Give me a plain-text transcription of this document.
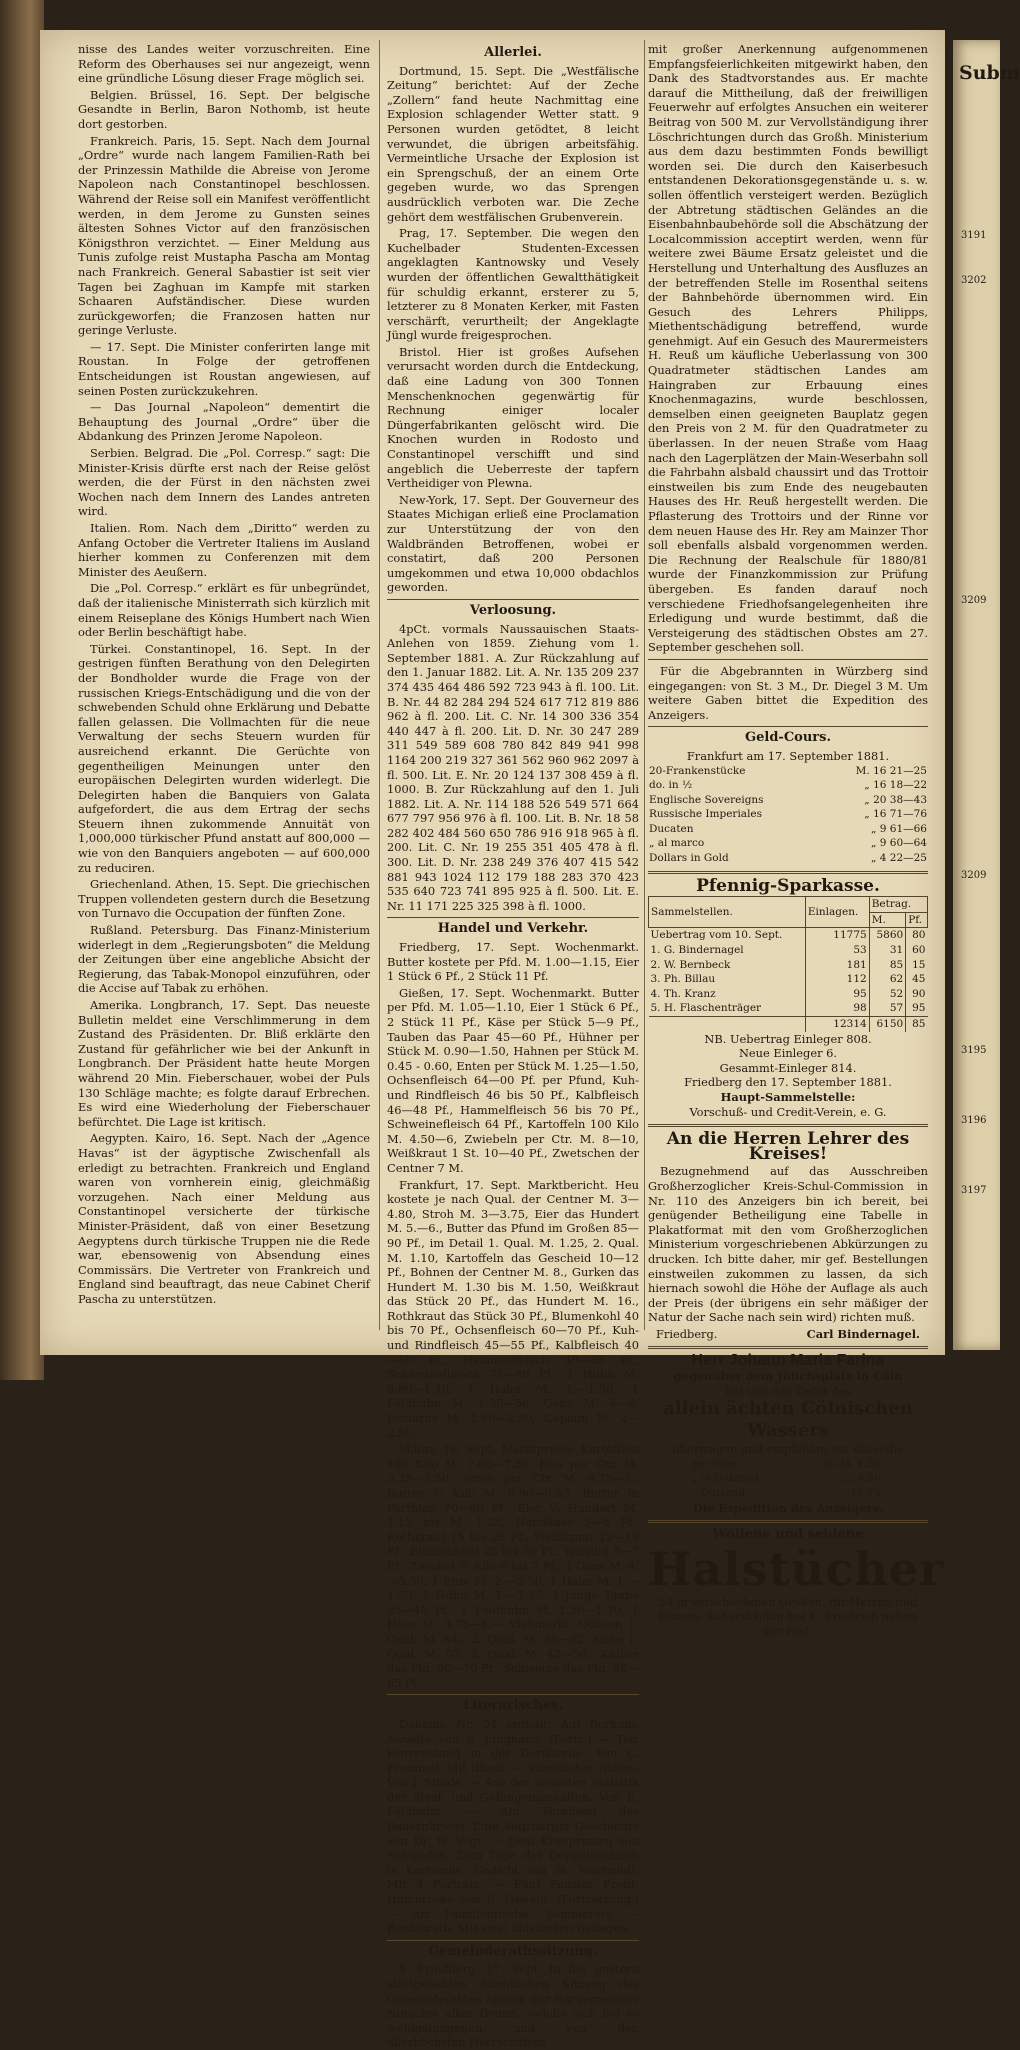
nisse des Landes weiter vorzuschreiten. Eine Reform des Oberhauses sei nur angezeigt, wenn eine gründliche Lösung dieser Frage möglich sei.

Belgien. Brüssel, 16. Sept. Der belgische Gesandte in Berlin, Baron Nothomb, ist heute dort gestorben.

Frankreich. Paris, 15. Sept. Nach dem Journal „Ordre“ wurde nach langem Familien-Rath bei der Prinzessin Mathilde die Abreise von Jerome Napoleon nach Constantinopel beschlossen. Während der Reise soll ein Manifest veröffentlicht werden, in dem Jerome zu Gunsten seines ältesten Sohnes Victor auf den französischen Königsthron verzichtet. — Einer Meldung aus Tunis zufolge reist Mustapha Pascha am Montag nach Frankreich. General Sabastier ist seit vier Tagen bei Zaghuan im Kampfe mit starken Schaaren Aufständischer. Diese wurden zurückgeworfen; die Franzosen hatten nur geringe Verluste.

— 17. Sept. Die Minister conferirten lange mit Roustan. In Folge der getroffenen Entscheidungen ist Roustan angewiesen, auf seinen Posten zurückzukehren.

— Das Journal „Napoleon“ dementirt die Behauptung des Journal „Ordre“ über die Abdankung des Prinzen Jerome Napoleon.

Serbien. Belgrad. Die „Pol. Corresp.“ sagt: Die Minister-Krisis dürfte erst nach der Reise gelöst werden, die der Fürst in den nächsten zwei Wochen nach dem Innern des Landes antreten wird.

Italien. Rom. Nach dem „Diritto“ werden zu Anfang October die Vertreter Italiens im Ausland hierher kommen zu Conferenzen mit dem Minister des Aeußern.

Die „Pol. Corresp.“ erklärt es für unbegründet, daß der italienische Ministerrath sich kürzlich mit einem Reiseplane des Königs Humbert nach Wien oder Berlin beschäftigt habe.

Türkei. Constantinopel, 16. Sept. In der gestrigen fünften Berathung von den Delegirten der Bondholder wurde die Frage von der russischen Kriegs-Entschädigung und die von der schwebenden Schuld ohne Erklärung und Debatte fallen gelassen. Die Vollmachten für die neue Verwaltung der sechs Steuern wurden für ausreichend erkannt. Die Gerüchte von gegentheiligen Meinungen unter den europäischen Delegirten wurden widerlegt. Die Delegirten haben die Banquiers von Galata aufgefordert, die aus dem Ertrag der sechs Steuern ihnen zukommende Annuität von 1,000,000 türkischer Pfund anstatt auf 800,000 — wie von den Banquiers angeboten — auf 600,000 zu reduciren.

Griechenland. Athen, 15. Sept. Die griechischen Truppen vollendeten gestern durch die Besetzung von Turnavo die Occupation der fünften Zone.

Rußland. Petersburg. Das Finanz-Ministerium widerlegt in dem „Regierungsboten“ die Meldung der Zeitungen über eine angebliche Absicht der Regierung, das Tabak-Monopol einzuführen, oder die Accise auf Tabak zu erhöhen.

Amerika. Longbranch, 17. Sept. Das neueste Bulletin meldet eine Verschlimmerung in dem Zustand des Präsidenten. Dr. Bliß erklärte den Zustand für gefährlicher wie bei der Ankunft in Longbranch. Der Präsident hatte heute Morgen während 20 Min. Fieberschauer, wobei der Puls 130 Schläge machte; es folgte darauf Erbrechen. Es wird eine Wiederholung der Fieberschauer befürchtet. Die Lage ist kritisch.

Aegypten. Kairo, 16. Sept. Nach der „Agence Havas“ ist der ägyptische Zwischenfall als erledigt zu betrachten. Frankreich und England waren von vornherein einig, gleichmäßig vorzugehen. Nach einer Meldung aus Constantinopel versicherte der türkische Minister-Präsident, daß von einer Besetzung Aegyptens durch türkische Truppen nie die Rede war, ebensowenig von Absendung eines Commissärs. Die Vertreter von Frankreich und England sind beauftragt, das neue Cabinet Cherif Pascha zu unterstützen.

Allerlei.

Dortmund, 15. Sept. Die „Westfälische Zeitung“ berichtet: Auf der Zeche „Zollern“ fand heute Nachmittag eine Explosion schlagender Wetter statt. 9 Personen wurden getödtet, 8 leicht verwundet, die übrigen arbeitsfähig. Vermeintliche Ursache der Explosion ist ein Sprengschuß, der an einem Orte gegeben wurde, wo das Sprengen ausdrücklich verboten war. Die Zeche gehört dem westfälischen Grubenverein.

Prag, 17. September. Die wegen den Kuchelbader Studenten-Excessen angeklagten Kantnowsky und Vesely wurden der öffentlichen Gewaltthätigkeit für schuldig erkannt, ersterer zu 5, letzterer zu 8 Monaten Kerker, mit Fasten verschärft, verurtheilt; der Angeklagte Jüngl wurde freigesprochen.

Bristol. Hier ist großes Aufsehen verursacht worden durch die Entdeckung, daß eine Ladung von 300 Tonnen Menschenknochen gegenwärtig für Rechnung einiger localer Düngerfabrikanten gelöscht wird. Die Knochen wurden in Rodosto und Constantinopel verschifft und sind angeblich die Ueberreste der tapfern Vertheidiger von Plewna.

New-York, 17. Sept. Der Gouverneur des Staates Michigan erließ eine Proclamation zur Unterstützung der von den Waldbränden Betroffenen, wobei er constatirt, daß 200 Personen umgekommen und etwa 10,000 obdachlos geworden.

Verloosung.

4pCt. vormals Naussauischen Staats-Anlehen von 1859. Ziehung vom 1. September 1881. A. Zur Rückzahlung auf den 1. Januar 1882. Lit. A. Nr. 135 209 237 374 435 464 486 592 723 943 à fl. 100. Lit. B. Nr. 44 82 284 294 524 617 712 819 886 962 à fl. 200. Lit. C. Nr. 14 300 336 354 440 447 à fl. 200. Lit. D. Nr. 30 247 289 311 549 589 608 780 842 849 941 998 1164 200 219 327 361 562 960 962 2097 à fl. 500. Lit. E. Nr. 20 124 137 308 459 à fl. 1000. B. Zur Rückzahlung auf den 1. Juli 1882. Lit. A. Nr. 114 188 526 549 571 664 677 797 956 976 à fl. 100. Lit. B. Nr. 18 58 282 402 484 560 650 786 916 918 965 à fl. 200. Lit. C. Nr. 19 255 351 405 478 à fl. 300. Lit. D. Nr. 238 249 376 407 415 542 881 943 1024 112 179 188 283 370 423 535 640 723 741 895 925 à fl. 500. Lit. E. Nr. 11 171 225 325 398 à fl. 1000.

Handel und Verkehr.

Friedberg, 17. Sept. Wochenmarkt. Butter kostete per Pfd. M. 1.00—1.15, Eier 1 Stück 6 Pf., 2 Stück 11 Pf.

Gießen, 17. Sept. Wochenmarkt. Butter per Pfd. M. 1.05—1.10, Eier 1 Stück 6 Pf., 2 Stück 11 Pf., Käse per Stück 5—9 Pf., Tauben das Paar 45—60 Pf., Hühner per Stück M. 0.90—1.50, Hahnen per Stück M. 0.45 - 0.60, Enten per Stück M. 1.25—1.50, Ochsenfleisch 64—00 Pf. per Pfund, Kuh- und Rindfleisch 46 bis 50 Pf., Kalbfleisch 46—48 Pf., Hammelfleisch 56 bis 70 Pf., Schweinefleisch 64 Pf., Kartoffeln 100 Kilo M. 4.50—6, Zwiebeln per Ctr. M. 8—10, Weißkraut 1 St. 10—40 Pf., Zwetschen der Centner 7 M.

Frankfurt, 17. Sept. Marktbericht. Heu kostete je nach Qual. der Centner M. 3—4.80, Stroh M. 3—3.75, Eier das Hundert M. 5.—6., Butter das Pfund im Großen 85—90 Pf., im Detail 1. Qual. M. 1.25, 2. Qual. M. 1.10, Kartoffeln das Gescheid 10—12 Pf., Bohnen der Centner M. 8., Gurken das Hundert M. 1.30 bis M. 1.50, Weißkraut das Stück 20 Pf., das Hundert M. 16., Rothkraut das Stück 30 Pf., Blumenkohl 40 bis 70 Pf., Ochsenfleisch 60—70 Pf., Kuh- und Rindfleisch 45—55 Pf., Kalbfleisch 40—60 Pf., Hammelfleisch 40—65 Pf., Schweinefleisch 75—80 Pf., 1 Huhn M. 0.80—1.40, 1 Hahn M. 1.—1.50, 1 Feldhuhn M. 1.30—50, Gans M. 4—8, Poularde M. 1.80—2.30, Capaun M. 2—2.50.

Mainz, 16. Sept. Marktpreise. Kartoffeln 100 Kilo M. 7.00—7.50, Heu per Ctr. M. 3.25—3.50, Stroh per Ctr. M. 4.75—5., Butter ½ Kilo M. 0.90—0.95, Butter in Parthien 70—80 Pf., Eier ¼ Hundert M. 1.15 bis M. 1.25, Handkäse 5—8 Pf., Rothkraut 15 bis 25 Pf., Weißkraut 12—15 Pf., Blumenkohl 25 bis 30 Pf., Wirsing 5—7 Pf., Zwiebel ½ Kilo 6 bis 7 Pf., 1 Gans M. 4.—5.50, 1 Ente M. 2.—2.50, 1 Hahn M. 1.—1.50, 1 Huhn M. 1.—1.25, 1 junge Taube 35—40 Pf., 1 Feldhuhn M. 1.30—1.70, 1 Hase M. 3.75—4.— Viehmarkt. Ochsen 1. Qual. M. 64., 2. Qual. M. 58—62, Kühe 1. Qual. M. 57, 2. Qual. M. 42—50., Kälber das Pfd. 50—70 Pf., Schweine das Pfd. 58—65 Pf.

Literarisches.

Daheim. Nr. 51 enthält: Auf Borkum. Novelle von S. Junghans. (Forts.) — Der Herrenstand in der Dorfkirche. Von C. Frommel. Mit Illustr. — Künstlicher Indigo. Von J. Stinde. — Aus der neuesten Statistik der Straf- und Gefangenanstalten. Von K. Feldhahn. — Am Vorabend des Bauernkriegs. Eine Augsburger Geschichte von Dr. W. Vogt. — Dem Kronprinzen von Schweden. Zum Tage der Doppelhochzeit in Karlsruhe. Gedicht von St. Waetzoldt. Mit 4 Porträts. — Fünf Fenster Front. Humoreske von S. Oswald. (Fortsetzung.) — Am Familientische: Sommereis. — Rechtsrath. Mit zwei illustrirten Beilagen.

Gemeinderathssitzung.

S. Friedberg, 17. Sept. In der gestern stattgehabten öffentlichen Sitzung des Gemeinderathes sprach der Bürgermeister zunächst allen Denen, welche sich bei so wohlgelungenen und von den allerhöchsten Herrschaften

mit großer Anerkennung aufgenommenen Empfangsfeierlichkeiten mitgewirkt haben, den Dank des Stadtvorstandes aus. Er machte darauf die Mittheilung, daß der freiwilligen Feuerwehr auf erfolgtes Ansuchen ein weiterer Beitrag von 500 M. zur Vervollständigung ihrer Löschrichtungen durch das Großh. Ministerium aus dem dazu bestimmten Fonds bewilligt worden sei. Die durch den Kaiserbesuch entstandenen Dekorationsgegenstände u. s. w. sollen öffentlich versteigert werden. Bezüglich der Abtretung städtischen Geländes an die Eisenbahnbaubehörde soll die Abschätzung der Localcommission acceptirt werden, wenn für weitere zwei Bäume Ersatz geleistet und die Herstellung und Unterhaltung des Ausfluzes an der betreffenden Stelle im Rosenthal seitens der Bahnbehörde übernommen wird. Ein Gesuch des Lehrers Philipps, Miethentschädigung betreffend, wurde genehmigt. Auf ein Gesuch des Maurermeisters H. Reuß um käufliche Ueberlassung von 300 Quadratmeter städtischen Landes am Haingraben zur Erbauung eines Knochenmagazins, wurde beschlossen, demselben einen geeigneten Bauplatz gegen den Preis von 2 M. für den Quadratmeter zu überlassen. In der neuen Straße vom Haag nach den Lagerplätzen der Main-Weserbahn soll die Fahrbahn alsbald chaussirt und das Trottoir einstweilen bis zum Ende des neugebauten Hauses des Hr. Reuß hergestellt werden. Die Pflasterung des Trottoirs und der Rinne vor dem neuen Hause des Hr. Rey am Mainzer Thor soll ebenfalls alsbald vorgenommen werden. Die Rechnung der Realschule für 1880/81 wurde der Finanzkommission zur Prüfung übergeben. Es fanden darauf noch verschiedene Friedhofsangelegenheiten ihre Erledigung und wurde bestimmt, daß die Versteigerung des städtischen Obstes am 27. September geschehen soll.

Für die Abgebrannten in Würzberg sind eingegangen: von St. 3 M., Dr. Diegel 3 M. Um weitere Gaben bittet die Expedition des Anzeigers.

Geld-Cours.
Frankfurt am 17. September 1881.
20-Frankenstücke	M. 16 21—25
do. in ½	„ 16 18—22
Englische Sovereigns	„ 20 38—43
Russische Imperiales	„ 16 71—76
Ducaten	„ 9 61—66
„ al marco	„ 9 60—64
Dollars in Gold	„ 4 22—25
Pfennig-Sparkasse.
Sammelstellen.	Einlagen.	Betrag.	
		M.	Pf.
Uebertrag vom 10. Sept.	11775	5860	80
1. G. Bindernagel	53	31	60
2. W. Bernbeck	181	85	15
3. Ph. Billau	112	62	45
4. Th. Kranz	95	52	90
5. H. Flaschenträger	98	57	95
	12314	6150	85
NB. Uebertrag Einleger 808.
Neue Einleger 6.
Gesammt-Einleger 814.
Friedberg den 17. September 1881.
Haupt-Sammelstelle:
Vorschuß- und Credit-Verein, e. G.
An die Herren Lehrer des Kreises!

Bezugnehmend auf das Ausschreiben Großherzoglicher Kreis-Schul-Commission in Nr. 110 des Anzeigers bin ich bereit, bei genügender Betheiligung eine Tabelle in Plakatformat mit den vom Großherzoglichen Ministerium vorgeschriebenen Abkürzungen zu drucken. Ich bitte daher, mir gef. Bestellungen einstweilen zukommen zu lassen, da sich hiernach sowohl die Höhe der Auflage als auch der Preis (der übrigens ein sehr mäßiger der Natur der Sache nach sein wird) richten muß.

Friedberg.	Carl Bindernagel.
Herr Johann Maria Farina
gegenüber dem Jülichsplatz in Cöln
hat uns den Debit des
allein ächten Cölnischen Wassers
übertragen und empfehlen wir dasselbe
per Glas	zu M. 1.50,
„ ½ Dutzend	„ „ 8.50,
„ Dutzend	„ „ 16.75.
Die Expedition des Anzeigers.
Wollene und seidene
Halstücher

54 in verschiedenen Größen, für Herren und Damen, äußerst billig bei K. Friedrich neben der Post.

Subm
3191
3202
3209
3209
3195
3196
3197
